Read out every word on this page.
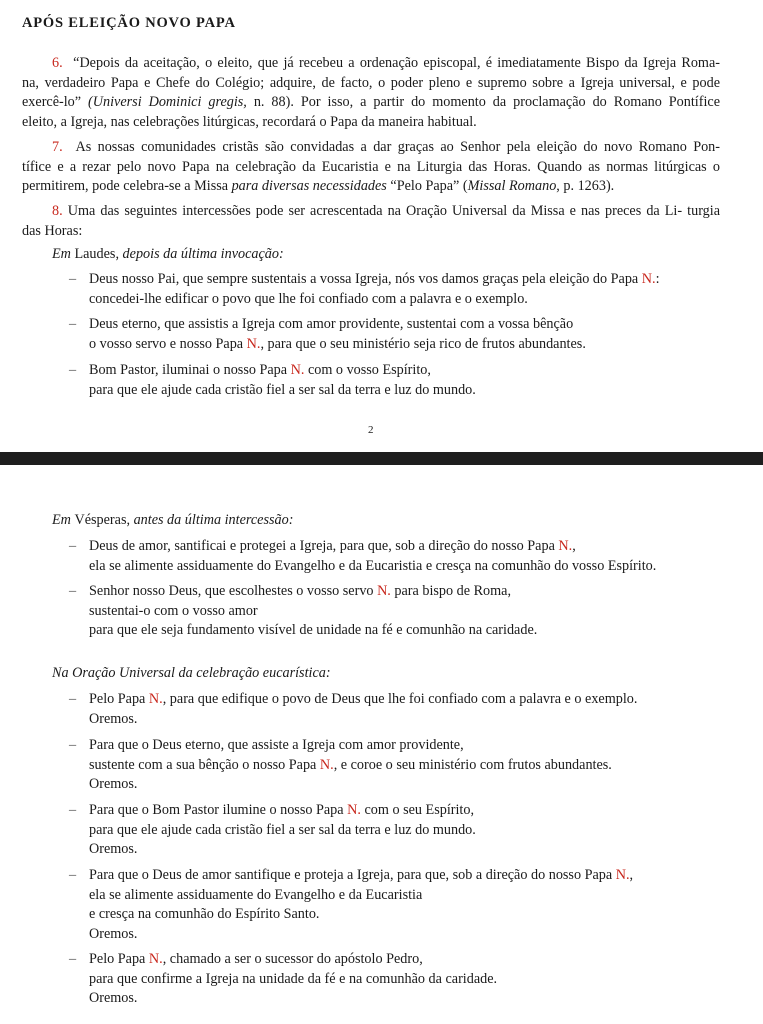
APÓS ELEIÇÃO NOVO PAPA
6. “Depois da aceitação, o eleito, que já recebeu a ordenação episcopal, é imediatamente Bispo da Igreja Roma-
na, verdadeiro Papa e Chefe do Colégio; adquire, de facto, o poder pleno e supremo sobre a Igreja universal, e pode
exercê-lo” (Universi Dominici gregis, n. 88). Por isso, a partir do momento da proclamação do Romano Pontífice
eleito, a Igreja, nas celebrações litúrgicas, recordará o Papa da maneira habitual.
7. As nossas comunidades cristãs são convidadas a dar graças ao Senhor pela eleição do novo Romano Pon-
tífice e a rezar pelo novo Papa na celebração da Eucaristia e na Liturgia das Horas. Quando as normas litúrgicas o
permitirem, pode celebra-se a Missa para diversas necessidades “Pelo Papa” (Missal Romano, p. 1263).
8. Uma das seguintes intercessões pode ser acrescentada na Oração Universal da Missa e nas preces da Li- turgia
das Horas:
Em Laudes, depois da última invocação:
– Deus nosso Pai, que sempre sustentais a vossa Igreja, nós vos damos graças pela eleição do Papa N.:
concedei-lhe edificar o povo que lhe foi confiado com a palavra e o exemplo.
– Deus eterno, que assistis a Igreja com amor providente, sustentai com a vossa bênção
o vosso servo e nosso Papa N., para que o seu ministério seja rico de frutos abundantes.
– Bom Pastor, iluminai o nosso Papa N. com o vosso Espírito,
para que ele ajude cada cristão fiel a ser sal da terra e luz do mundo.
2
Em Vésperas, antes da última intercessão:
– Deus de amor, santificai e protegei a Igreja, para que, sob a direção do nosso Papa N.,
ela se alimente assiduamente do Evangelho e da Eucaristia e cresça na comunhão do vosso Espírito.
– Senhor nosso Deus, que escolhestes o vosso servo N. para bispo de Roma,
sustentai-o com o vosso amor
para que ele seja fundamento visível de unidade na fé e comunhão na caridade.
Na Oração Universal da celebração eucarística:
– Pelo Papa N., para que edifique o povo de Deus que lhe foi confiado com a palavra e o exemplo.
Oremos.
– Para que o Deus eterno, que assiste a Igreja com amor providente,
sustente com a sua bênção o nosso Papa N., e coroe o seu ministério com frutos abundantes.
Oremos.
– Para que o Bom Pastor ilumine o nosso Papa N. com o seu Espírito,
para que ele ajude cada cristão fiel a ser sal da terra e luz do mundo.
Oremos.
– Para que o Deus de amor santifique e proteja a Igreja, para que, sob a direção do nosso Papa N.,
ela se alimente assiduamente do Evangelho e da Eucaristia
e cresça na comunhão do Espírito Santo.
Oremos.
– Pelo Papa N., chamado a ser o sucessor do apóstolo Pedro,
para que confirme a Igreja na unidade da fé e na comunhão da caridade.
Oremos.
